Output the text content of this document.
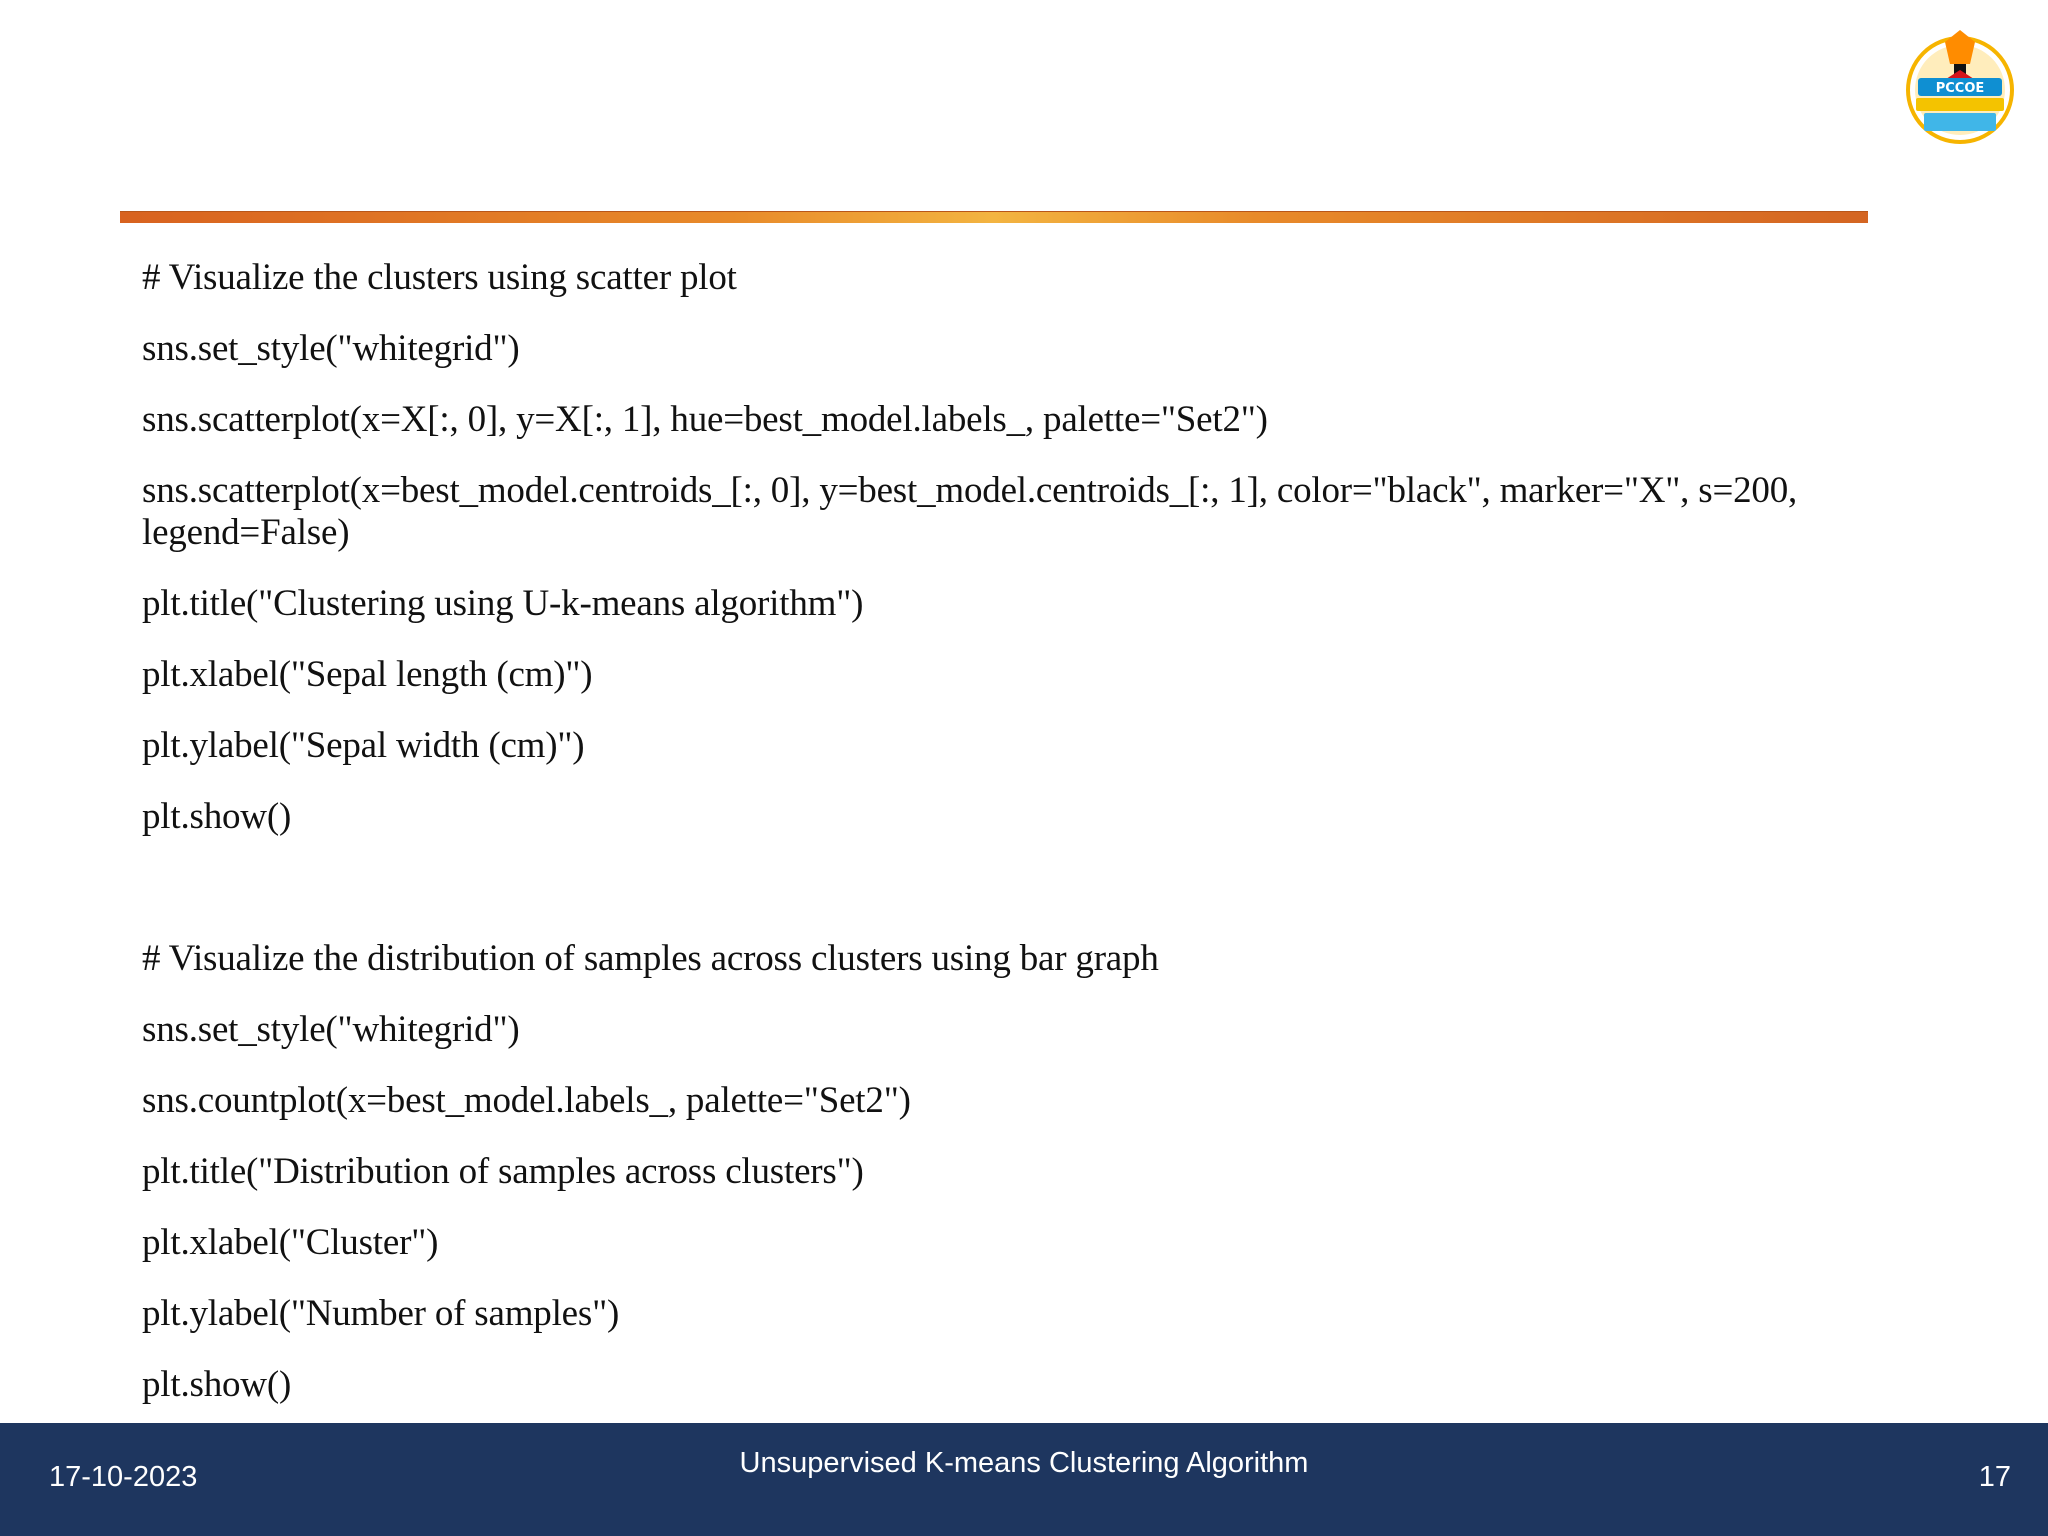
PCCOE
# Visualize the clusters using scatter plot
sns.set_style("whitegrid")
sns.scatterplot(x=X[:, 0], y=X[:, 1], hue=best_model.labels_, palette="Set2")
sns.scatterplot(x=best_model.centroids_[:, 0], y=best_model.centroids_[:, 1], color="black", marker="X", s=200, legend=False)
plt.title("Clustering using U-k-means algorithm")
plt.xlabel("Sepal length (cm)")
plt.ylabel("Sepal width (cm)")
plt.show()
# Visualize the distribution of samples across clusters using bar graph
sns.set_style("whitegrid")
sns.countplot(x=best_model.labels_, palette="Set2")
plt.title("Distribution of samples across clusters")
plt.xlabel("Cluster")
plt.ylabel("Number of samples")
plt.show()
17-10-2023	Unsupervised K-means Clustering Algorithm	17
